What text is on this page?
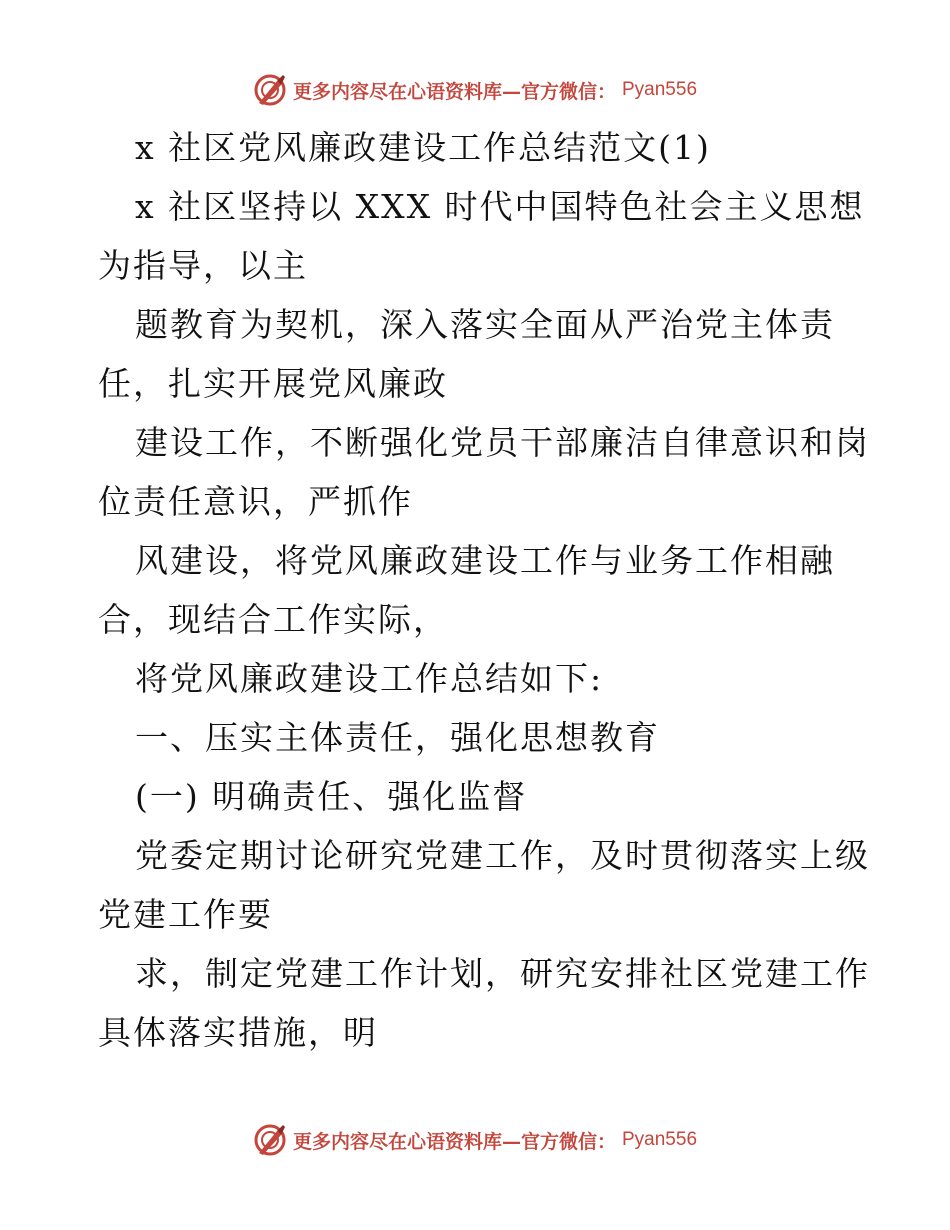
更多内容尽在心语资料库—官方微信： Pyan556
x 社区党风廉政建设工作总结范文(1)
x 社区坚持以 XXX 时代中国特色社会主义思想
为指导，以主
题教育为契机，深入落实全面从严治党主体责
任，扎实开展党风廉政
建设工作，不断强化党员干部廉洁自律意识和岗
位责任意识，严抓作
风建设，将党风廉政建设工作与业务工作相融
合，现结合工作实际，
将党风廉政建设工作总结如下:
一、压实主体责任，强化思想教育
(一) 明确责任、强化监督
党委定期讨论研究党建工作，及时贯彻落实上级
党建工作要
求，制定党建工作计划，研究安排社区党建工作
具体落实措施，明
更多内容尽在心语资料库—官方微信： Pyan556
